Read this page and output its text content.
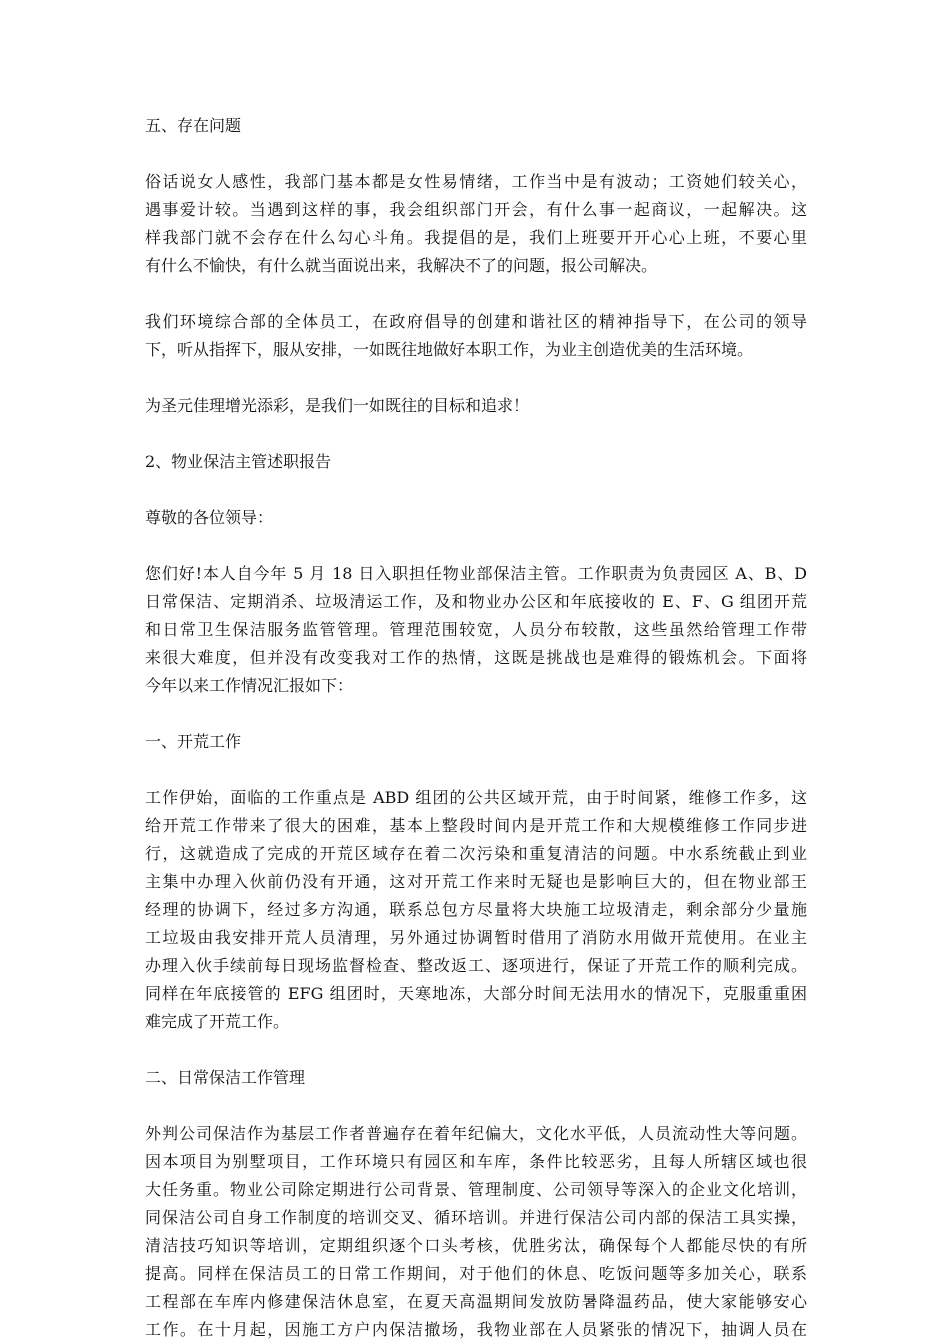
五、存在问题

俗话说女人感性，我部门基本都是女性易情绪，工作当中是有波动；工资她们较关心，
遇事爱计较。当遇到这样的事，我会组织部门开会，有什么事一起商议，一起解决。这
样我部门就不会存在什么勾心斗角。我提倡的是，我们上班要开开心心上班，不要心里
有什么不愉快，有什么就当面说出来，我解决不了的问题，报公司解决。

我们环境综合部的全体员工，在政府倡导的创建和谐社区的精神指导下，在公司的领导
下，听从指挥下，服从安排，一如既往地做好本职工作，为业主创造优美的生活环境。

为圣元佳理增光添彩，是我们一如既往的目标和追求！

2、物业保洁主管述职报告

尊敬的各位领导：

您们好!本人自今年 5 月 18 日入职担任物业部保洁主管。工作职责为负责园区 A、B、D
日常保洁、定期消杀、垃圾清运工作，及和物业办公区和年底接收的 E、F、G 组团开荒
和日常卫生保洁服务监管管理。管理范围较宽，人员分布较散，这些虽然给管理工作带
来很大难度，但并没有改变我对工作的热情，这既是挑战也是难得的锻炼机会。下面将
今年以来工作情况汇报如下：

一、开荒工作

工作伊始，面临的工作重点是 ABD 组团的公共区域开荒，由于时间紧，维修工作多，这
给开荒工作带来了很大的困难，基本上整段时间内是开荒工作和大规模维修工作同步进
行，这就造成了完成的开荒区域存在着二次污染和重复清洁的问题。中水系统截止到业
主集中办理入伙前仍没有开通，这对开荒工作来时无疑也是影响巨大的，但在物业部王
经理的协调下，经过多方沟通，联系总包方尽量将大块施工垃圾清走，剩余部分少量施
工垃圾由我安排开荒人员清理，另外通过协调暂时借用了消防水用做开荒使用。在业主
办理入伙手续前每日现场监督检查、整改返工、逐项进行，保证了开荒工作的顺利完成。
同样在年底接管的 EFG 组团时，天寒地冻，大部分时间无法用水的情况下，克服重重困
难完成了开荒工作。

二、日常保洁工作管理

外判公司保洁作为基层工作者普遍存在着年纪偏大，文化水平低，人员流动性大等问题。
因本项目为别墅项目，工作环境只有园区和车库，条件比较恶劣，且每人所辖区域也很
大任务重。物业公司除定期进行公司背景、管理制度、公司领导等深入的企业文化培训，
同保洁公司自身工作制度的培训交叉、循环培训。并进行保洁公司内部的保洁工具实操，
清洁技巧知识等培训，定期组织逐个口头考核，优胜劣汰，确保每个人都能尽快的有所
提高。同样在保洁员工的日常工作期间，对于他们的休息、吃饭问题等多加关心，联系
工程部在车库内修建保洁休息室，在夏天高温期间发放防暑降温药品，使大家能够安心
工作。在十月起，因施工方户内保洁撤场，我物业部在人员紧张的情况下，抽调人员在
